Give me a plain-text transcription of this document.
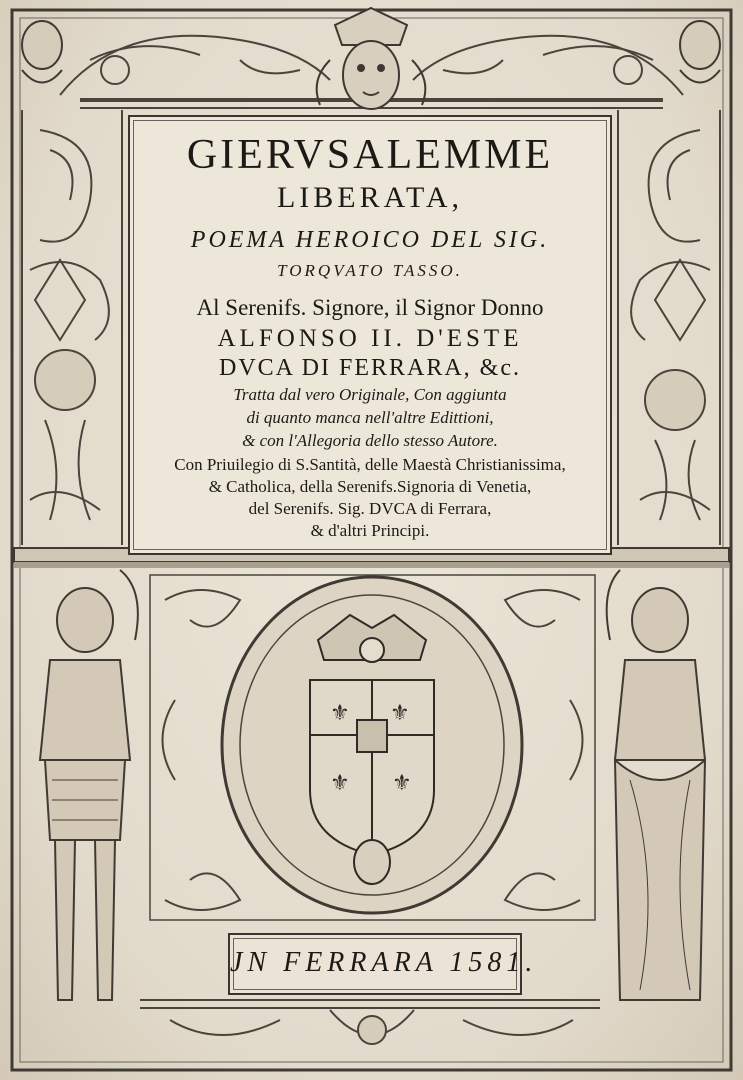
⚜ ⚜
⚜ ⚜
GIERVSALEMME
LIBERATA,
POEMA HEROICO DEL SIG.
TORQVATO TASSO.
Al Serenifs. Signore, il Signor Donno
ALFONSO II. D'ESTE
DVCA DI FERRARA, &c.
Tratta dal vero Originale, Con aggiunta
di quanto manca nell'altre Edittioni,
& con l'Allegoria dello stesso Autore.
Con Priuilegio di S.Santità, delle Maestà Christianissima,
& Catholica, della Serenifs.Signoria di Venetia,
del Serenifs. Sig. DVCA di Ferrara,
& d'altri Principi.
JN FERRARA 1581.
